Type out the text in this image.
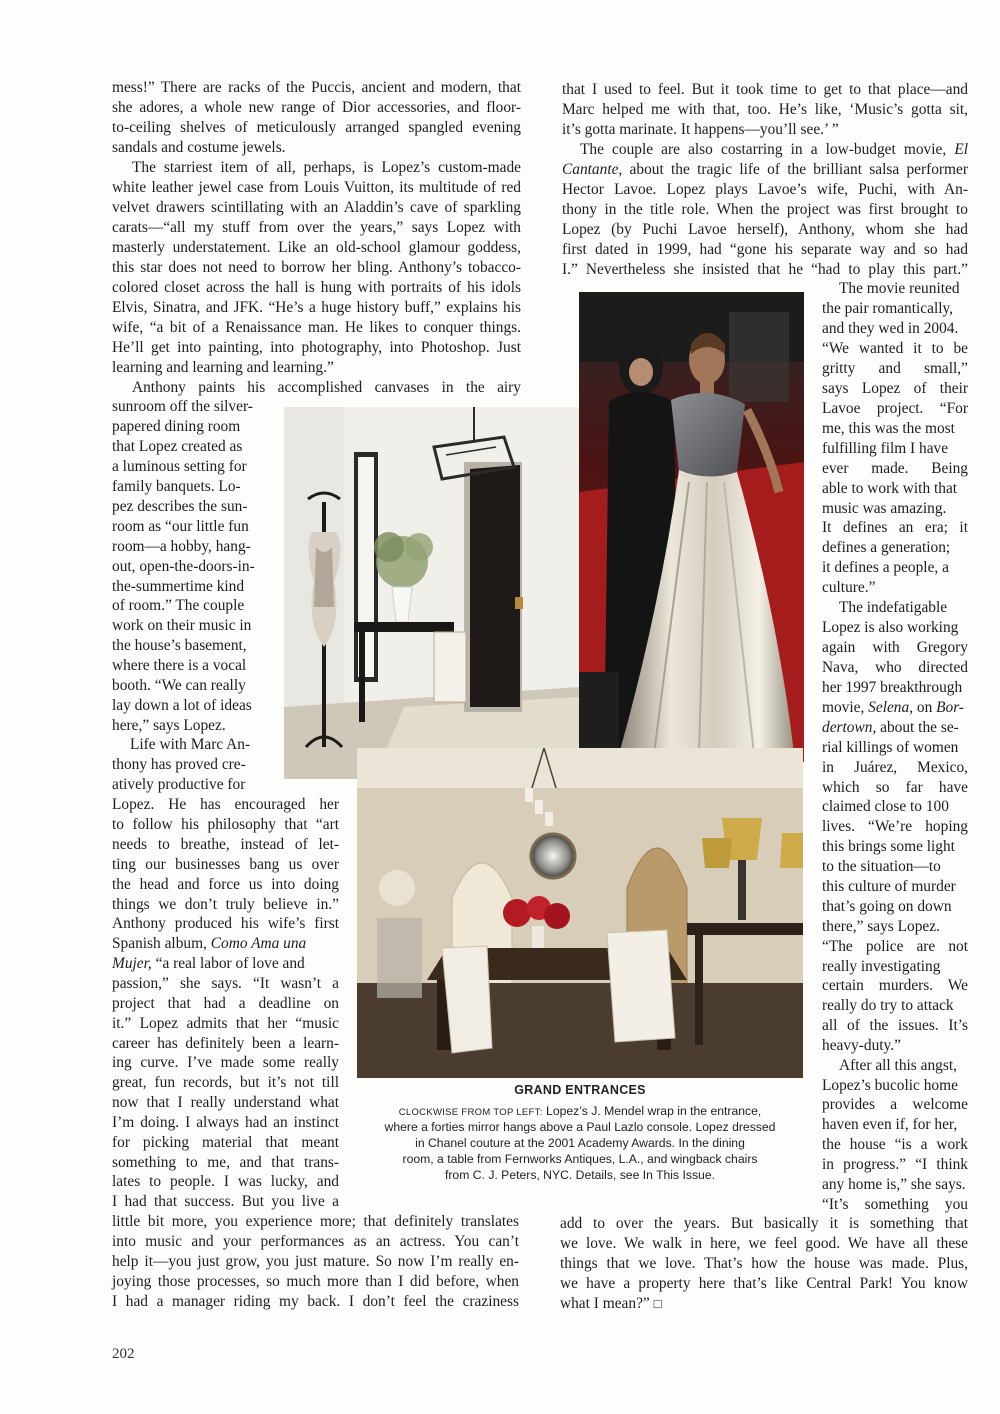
mess!” There are racks of the Puccis, ancient and modern, that
she adores, a whole new range of Dior accessories, and floor-
to-ceiling shelves of meticulously arranged spangled evening
sandals and costume jewels.
The starriest item of all, perhaps, is Lopez’s custom-made
white leather jewel case from Louis Vuitton, its multitude of red
velvet drawers scintillating with an Aladdin’s cave of sparkling
carats—“all my stuff from over the years,” says Lopez with
masterly understatement. Like an old-school glamour goddess,
this star does not need to borrow her bling. Anthony’s tobacco-
colored closet across the hall is hung with portraits of his idols
Elvis, Sinatra, and JFK. “He’s a huge history buff,” explains his
wife, “a bit of a Renaissance man. He likes to conquer things.
He’ll get into painting, into photography, into Photoshop. Just
learning and learning and learning.”
Anthony paints his accomplished canvases in the airy
sunroom off the silver-
papered dining room
that Lopez created as
a luminous setting for
family banquets. Lo-
pez describes the sun-
room as “our little fun
room—a hobby, hang-
out, open-the-doors-in-
the-summertime kind
of room.” The couple
work on their music in
the house’s basement,
where there is a vocal
booth. “We can really
lay down a lot of ideas
here,” says Lopez.
Life with Marc An-
thony has proved cre-
atively productive for
Lopez. He has encouraged her
to follow his philosophy that “art
needs to breathe, instead of let-
ting our businesses bang us over
the head and force us into doing
things we don’t truly believe in.”
Anthony produced his wife’s first
Spanish album, Como Ama una
Mujer, “a real labor of love and
passion,” she says. “It wasn’t a
project that had a deadline on
it.” Lopez admits that her “music
career has definitely been a learn-
ing curve. I’ve made some really
great, fun records, but it’s not till
now that I really understand what
I’m doing. I always had an instinct
for picking material that meant
something to me, and that trans-
lates to people. I was lucky, and
I had that success. But you live a
little bit more, you experience more; that definitely translates
into music and your performances as an actress. You can’t
help it—you just grow, you just mature. So now I’m really en-
joying those processes, so much more than I did before, when
I had a manager riding my back. I don’t feel the craziness
that I used to feel. But it took time to get to that place—and
Marc helped me with that, too. He’s like, ‘Music’s gotta sit,
it’s gotta marinate. It happens—you’ll see.’ ”
The couple are also costarring in a low-budget movie, El
Cantante, about the tragic life of the brilliant salsa performer
Hector Lavoe. Lopez plays Lavoe’s wife, Puchi, with An-
thony in the title role. When the project was first brought to
Lopez (by Puchi Lavoe herself), Anthony, whom she had
first dated in 1999, had “gone his separate way and so had
I.” Nevertheless she insisted that he “had to play this part.”
The movie reunited
the pair romantically,
and they wed in 2004.
“We wanted it to be
gritty and small,”
says Lopez of their
Lavoe project. “For
me, this was the most
fulfilling film I have
ever made. Being
able to work with that
music was amazing.
It defines an era; it
defines a generation;
it defines a people, a
culture.”
The indefatigable
Lopez is also working
again with Gregory
Nava, who directed
her 1997 breakthrough
movie, Selena, on Bor-
dertown, about the se-
rial killings of women
in Juárez, Mexico,
which so far have
claimed close to 100
lives. “We’re hoping
this brings some light
to the situation—to
this culture of murder
that’s going on down
there,” says Lopez.
“The police are not
really investigating
certain murders. We
really do try to attack
all of the issues. It’s
heavy-duty.”
After all this angst,
Lopez’s bucolic home
provides a welcome
haven even if, for her,
the house “is a work
in progress.” “I think
any home is,” she says.
“It’s something you
add to over the years. But basically it is something that
we love. We walk in here, we feel good. We have all these
things that we love. That’s how the house was made. Plus,
we have a property here that’s like Central Park! You know
what I mean?” □
GRAND ENTRANCES
CLOCKWISE FROM TOP LEFT: Lopez’s J. Mendel wrap in the entrance,
where a forties mirror hangs above a Paul Lazlo console. Lopez dressed
in Chanel couture at the 2001 Academy Awards. In the dining
room, a table from Fernworks Antiques, L.A., and wingback chairs
from C. J. Peters, NYC. Details, see In This Issue.
202
